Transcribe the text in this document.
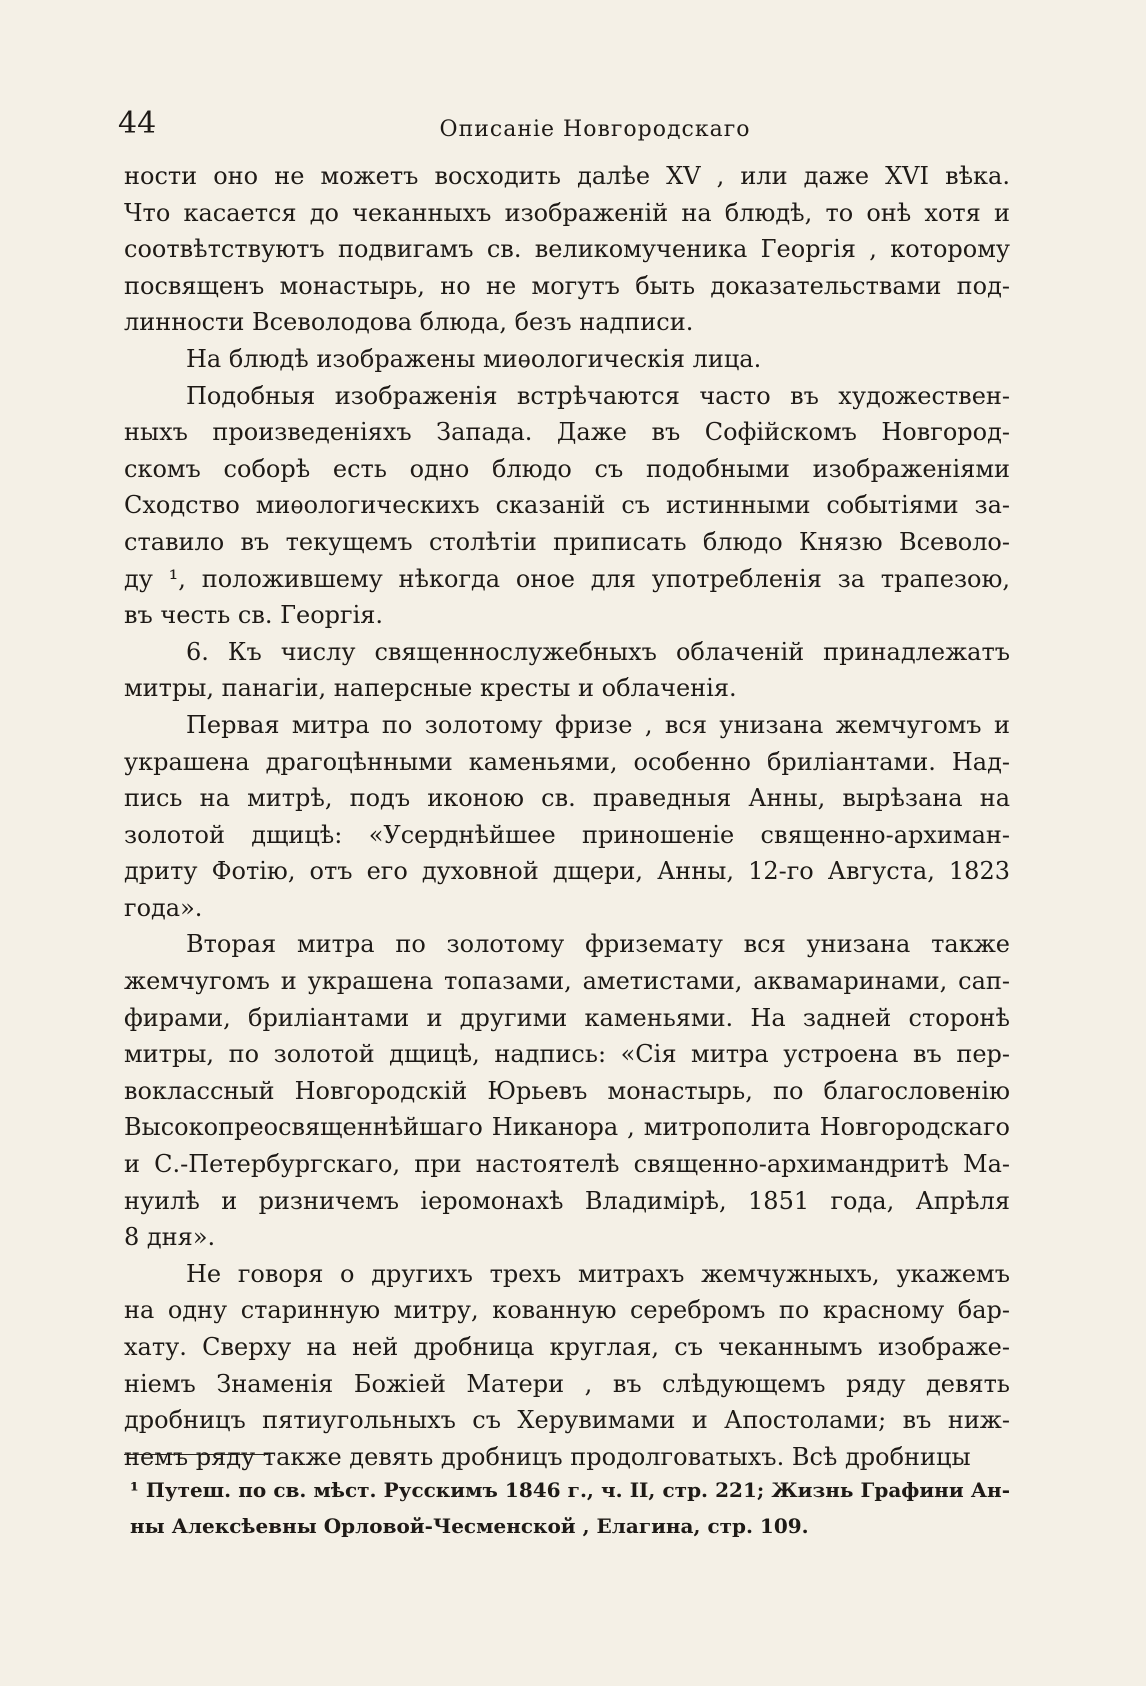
44	Описаніе Новгородскаго
ности оно не можетъ восходить далѣе XV , или даже XVI вѣка.
Что касается до чеканныхъ изображеній на блюдѣ, то онѣ хотя и
соотвѣтствуютъ подвигамъ св. великомученика Георгія , которому
посвященъ монастырь, но не могутъ быть доказательствами под-
линности Всеволодова блюда, безъ надписи.
На блюдѣ изображены миѳологическія лица.
Подобныя изображенія встрѣчаются часто въ художествен-
ныхъ произведеніяхъ Запада. Даже въ Софійскомъ Новгород-
скомъ соборѣ есть одно блюдо съ подобными изображеніями
Сходство миѳологическихъ сказаній съ истинными событіями за-
ставило въ текущемъ столѣтіи приписать блюдо Князю Всеволо-
ду ¹, положившему нѣкогда оное для употребленія за трапезою,
въ честь св. Георгія.
6. Къ числу священнослужебныхъ облаченій принадлежатъ
митры, панагіи, наперсные кресты и облаченія.
Первая митра по золотому фризе , вся унизана жемчугомъ и
украшена драгоцѣнными каменьями, особенно бриліантами. Над-
пись на митрѣ, подъ иконою св. праведныя Анны, вырѣзана на
золотой дщицѣ: «Усерднѣйшее приношеніе священно-архиман-
дриту Фотію, отъ его духовной дщери, Анны, 12-го Августа, 1823
года».
Вторая митра по золотому фриземату вся унизана также
жемчугомъ и украшена топазами, аметистами, аквамаринами, сап-
фирами, бриліантами и другими каменьями. На задней сторонѣ
митры, по золотой дщицѣ, надпись: «Сія митра устроена въ пер-
воклассный Новгородскій Юрьевъ монастырь, по благословенію
Высокопреосвященнѣйшаго Никанора , митрополита Новгородскаго
и С.-Петербургскаго, при настоятелѣ священно-архимандритѣ Ма-
нуилѣ и ризничемъ іеромонахѣ Владимірѣ, 1851 года, Апрѣля
8 дня».
Не говоря о другихъ трехъ митрахъ жемчужныхъ, укажемъ
на одну старинную митру, кованную серебромъ по красному бар-
хату. Сверху на ней дробница круглая, съ чеканнымъ изображе-
ніемъ Знаменія Божіей Матери , въ слѣдующемъ ряду девять
дробницъ пятиугольныхъ съ Херувимами и Апостолами; въ ниж-
немъ ряду также девять дробницъ продолговатыхъ. Всѣ дробницы
¹ Путеш. по св. мѣст. Русскимъ 1846 г., ч. II, стр. 221; Жизнь Графини Ан-
ны Алексѣевны Орловой-Чесменской , Елагина, стр. 109.
